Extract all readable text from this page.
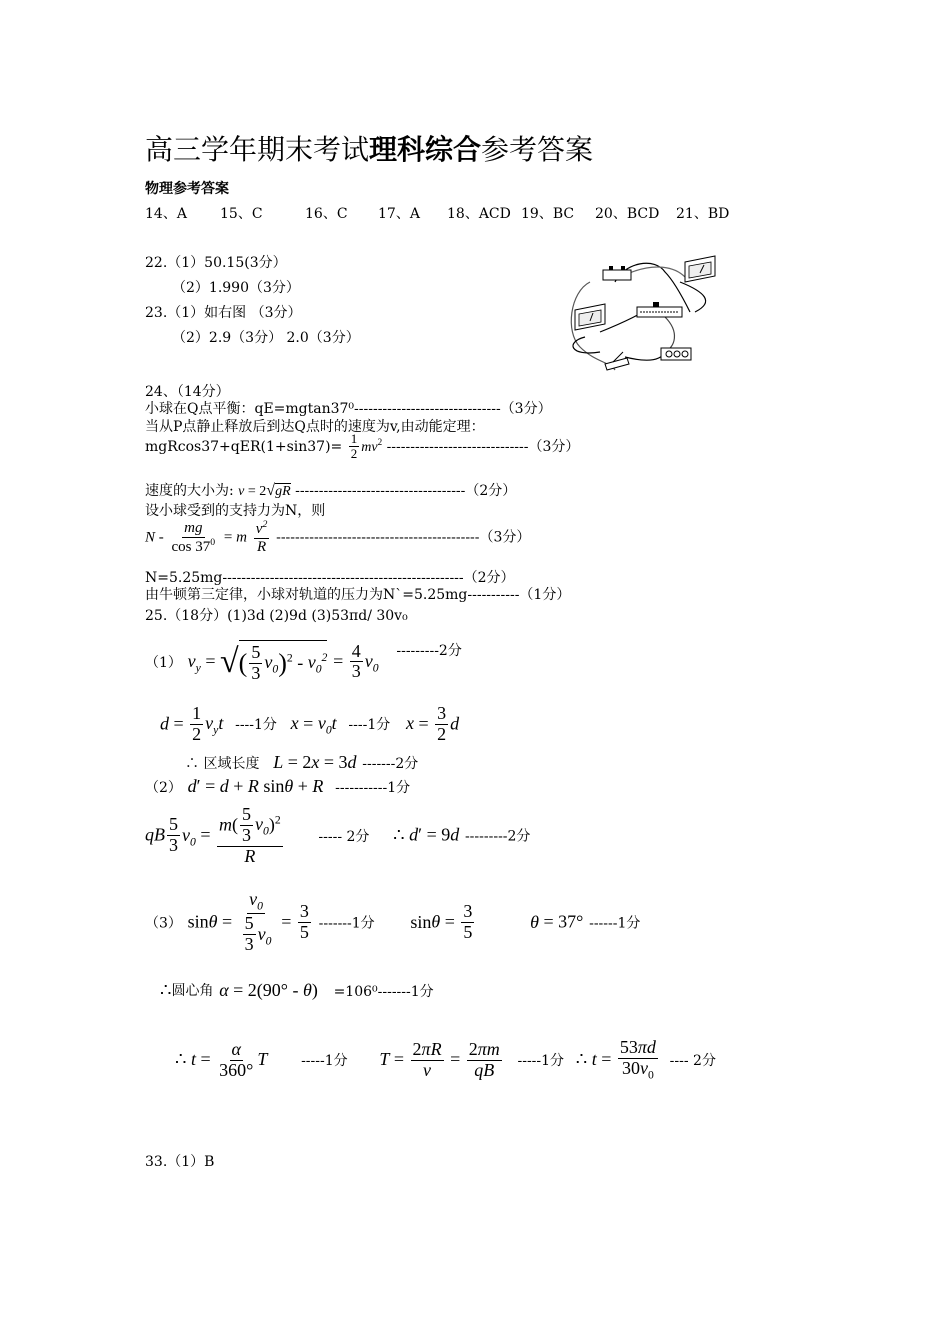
高三学年期末考试理科综合参考答案
物理参考答案
14、A 15、C	16、C 17、A 18、ACD 19、BC 20、BCD 21、BD
22.（1）50.15(3分）
（2）1.990（3分）
23.（1）如右图 （3分）
（2）2.9（3分） 2.0（3分）
24、（14分）
小球在Q点平衡：qE=mgtan37⁰-------------------------------（3分）
当从P点静止释放后到达Q点时的速度为v,由动能定理：
$mgRcos37+qER(1+\sin 37)= \frac{1}{2} mv^2$ ------------------------------（3分）
速度的大小为: v = 2√gR ------------------------------------（2分）
设小球受到的支持力为N，则
$N - \frac{mg}{\cos 37^0} = m \frac{v^2}{R} -------------------------------------------(3$分）
N=5.25mg---------------------------------------------------（2分）
由牛顿第三定律，小球对轨道的压力为N`=5.25mg-----------（1分）
25.（18分）(1)3d (2)9d (3)53πd/ 30v₀
（1） $v_y$ = √( $\frac{5}{3} v_0)^2 - v_0^2 = \frac{4}{3} v_0$ $^{---------2分}$
$d = \frac{1}{2} v_yt$ ----1分 $x = v_0t$ ----1分 $x = \frac{3}{2}$ d
∴ 区域长度 L = 2x = 3d -------2分
（2） d′ = d + R sinθ + R -----------1分
qB $\frac{5}{3} v_0 = \frac{m( \frac{5}{3} v_0)^2}{R}$	----- 2分 ∴ d′ = 9d ---------2分
（3） $\sin\theta = \frac{v_0}{\frac{5}{3} v_0} = \frac{3}{5} -------1$分 $\sin\theta = \frac{3}{5}$	θ = 37° ------1分
∴$^{圆心角}$ α = 2(90° - θ) =106⁰-------1分
∴ $t = \frac{\alpha}{360^\circ}$ T -----1分 $T = \frac{2\pi R}{v} = \frac{2\pi m}{qB} -----1$分 ∴ $t = \frac{53\pi d}{30v_0}$ ---- 2分
33.（1）B
